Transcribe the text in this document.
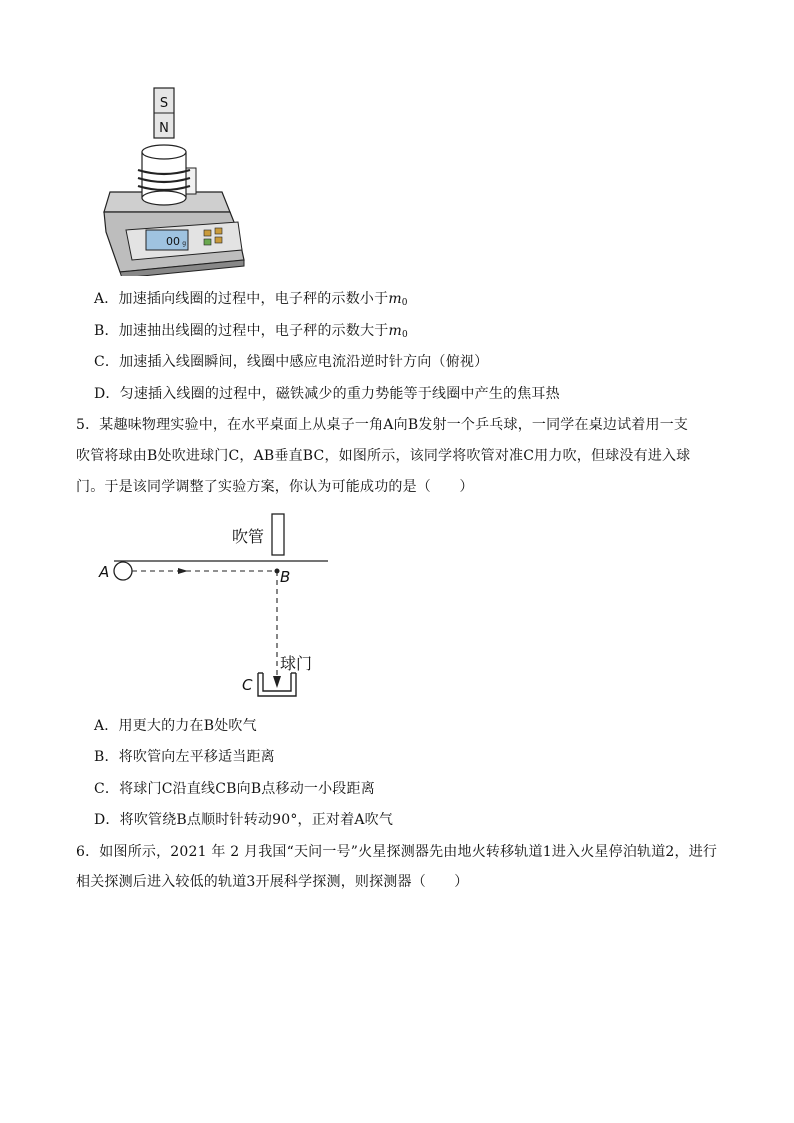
S
N
00 g
A．加速插向线圈的过程中，电子秤的示数小于$m_0$
B．加速抽出线圈的过程中，电子秤的示数大于$m_0$
C．加速插入线圈瞬间，线圈中感应电流沿逆时针方向（俯视）
D．匀速插入线圈的过程中，磁铁减少的重力势能等于线圈中产生的焦耳热
5．某趣味物理实验中，在水平桌面上从桌子一角A向B发射一个乒乓球，一同学在桌边试着用一支
吹管将球由B处吹进球门C，AB垂直BC，如图所示，该同学将吹管对准C用力吹，但球没有进入球
门。于是该同学调整了实验方案，你认为可能成功的是（　　）
吹管
A	B
球门
C
A．用更大的力在B处吹气
B．将吹管向左平移适当距离
C．将球门C沿直线CB向B点移动一小段距离
D．将吹管绕B点顺时针转动90°，正对着A吹气
6．如图所示，2021 年 2 月我国“天问一号”火星探测器先由地火转移轨道1进入火星停泊轨道2，进行
相关探测后进入较低的轨道3开展科学探测，则探测器（　　）
